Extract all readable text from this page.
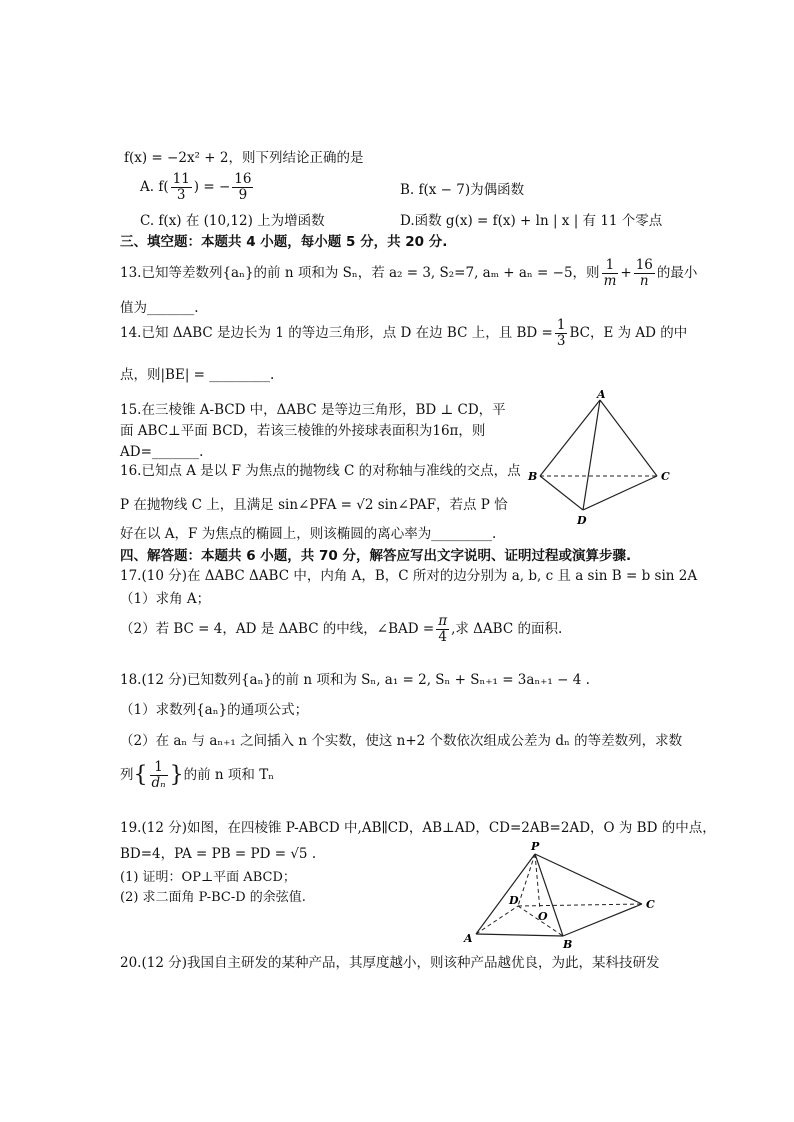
f(x) = −2x² + 2，则下列结论正确的是
A. $f( \frac{11}{3}$ ) = − $\frac{16}{9}$	B. f(x − 7)为偶函数
C. f(x) 在 (10,12) 上为增函数	D.函数 g(x) = f(x) + ln | x | 有 11 个零点
三、填空题：本题共 4 小题，每小题 5 分，共 20 分.
13.已知等差数列{aₙ}的前 n 项和为 Sₙ，若 a₂ = 3, S₂=7, aₘ + aₙ = −5，则 $\frac{1}{m} + \frac{16}{n}$ 的最小
值为_______.
14.已知 ΔABC 是边长为 1 的等边三角形，点 D 在边 BC 上，且 BD = $\frac{1}{3}$ BC，E 为 AD 的中
点，则|BE| = _________.
15.在三棱锥 A-BCD 中，ΔABC 是等边三角形，BD ⊥ CD，平
面 ABC⊥平面 BCD，若该三棱锥的外接球表面积为16π，则
AD=_______.
16.已知点 A 是以 F 为焦点的抛物线 C 的对称轴与准线的交点，点
P 在抛物线 C 上，且满足 sin∠PFA = √2 sin∠PAF，若点 P 恰
好在以 A，F 为焦点的椭圆上，则该椭圆的离心率为_________.
A
B	C
D
四、解答题：本题共 6 小题，共 70 分，解答应写出文字说明、证明过程或演算步骤.
17.(10 分)在 ΔABC ΔABC 中，内角 A，B，C 所对的边分别为 a, b, c 且 a sin B = b sin 2A
（1）求角 A；
（2）若 BC = 4，AD 是 ΔABC 的中线，∠BAD = $\frac{\pi}{4}$ ,求 ΔABC 的面积.
18.(12 分)已知数列{aₙ}的前 n 项和为 Sₙ, a₁ = 2, Sₙ + Sₙ₊₁ = 3aₙ₊₁ − 4 .
（1）求数列{aₙ}的通项公式；
（2）在 aₙ 与 aₙ₊₁ 之间插入 n 个实数，使这 n+2 个数依次组成公差为 dₙ 的等差数列，求数
列{ $\frac{1}{\text{dₙ}}$ }的前 n 项和 Tₙ
19.(12 分)如图，在四棱锥 P-ABCD 中,AB∥CD，AB⊥AD，CD=2AB=2AD，O 为 BD 的中点，
BD=4，PA = PB = PD = √5 .
(1) 证明：OP⊥平面 ABCD；
(2) 求二面角 P-BC-D 的余弦值.
P
A	B
C
D
O
20.(12 分)我国自主研发的某种产品，其厚度越小，则该种产品越优良，为此，某科技研发
